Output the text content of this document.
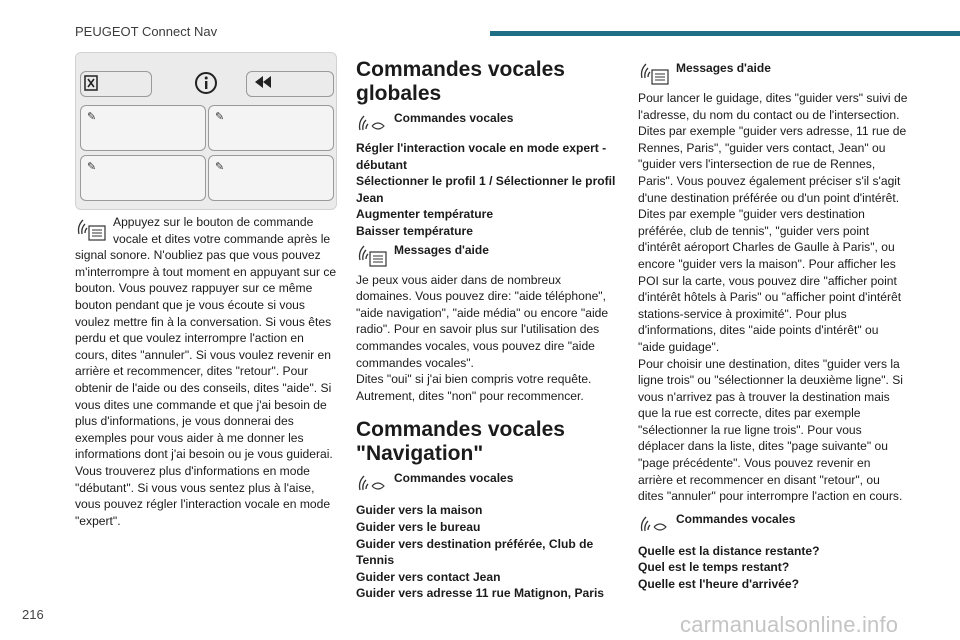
PEUGEOT Connect Nav
✎	✎
✎	✎

Appuyez sur le bouton de commande vocale et dites votre commande après le signal sonore. N'oubliez pas que vous pouvez m'interrompre à tout moment en appuyant sur ce bouton. Vous pouvez rappuyer sur ce même bouton pendant que je vous écoute si vous voulez mettre fin à la conversation. Si vous êtes perdu et que voulez interrompre l'action en cours, dites "annuler". Si vous voulez revenir en arrière et recommencer, dites "retour". Pour obtenir de l'aide ou des conseils, dites "aide". Si vous dites une commande et que j'ai besoin de plus d'informations, je vous donnerai des exemples pour vous aider à me donner les informations dont j'ai besoin ou je vous guiderai. Vous trouverez plus d'informations en mode "débutant". Si vous vous sentez plus à l'aise, vous pouvez régler l'interaction vocale en mode "expert".

Commandes vocales globales
Commandes vocales
Régler l'interaction vocale en mode expert - débutant
Sélectionner le profil 1 / Sélectionner le profil Jean
Augmenter température
Baisser température
Messages d'aide

Je peux vous aider dans de nombreux domaines. Vous pouvez dire: "aide téléphone", "aide navigation", "aide média" ou encore "aide radio". Pour en savoir plus sur l'utilisation des commandes vocales, vous pouvez dire "aide commandes vocales".

Dites "oui" si j'ai bien compris votre requête. Autrement, dites "non" pour recommencer.

Commandes vocales "Navigation"
Commandes vocales
Guider vers la maison
Guider vers le bureau
Guider vers destination préférée, Club de Tennis
Guider vers contact Jean
Guider vers adresse 11 rue Matignon, Paris
Messages d'aide

Pour lancer le guidage, dites "guider vers" suivi de l'adresse, du nom du contact ou de l'intersection. Dites par exemple "guider vers adresse, 11 rue de Rennes, Paris", "guider vers contact, Jean" ou "guider vers l'intersection de rue de Rennes, Paris". Vous pouvez également préciser s'il s'agit d'une destination préférée ou d'un point d'intérêt. Dites par exemple "guider vers destination préférée, club de tennis", "guider vers point d'intérêt aéroport Charles de Gaulle à Paris", ou encore "guider vers la maison". Pour afficher les POI sur la carte, vous pouvez dire "afficher point d'intérêt hôtels à Paris" ou "afficher point d'intérêt stations-service à proximité". Pour plus d'informations, dites "aide points d'intérêt" ou "aide guidage".

Pour choisir une destination, dites "guider vers la ligne trois" ou "sélectionner la deuxième ligne". Si vous n'arrivez pas à trouver la destination mais que la rue est correcte, dites par exemple "sélectionner la rue ligne trois". Pour vous déplacer dans la liste, dites "page suivante" ou "page précédente". Vous pouvez revenir en arrière et recommencer en disant "retour", ou dites "annuler" pour interrompre l'action en cours.

Commandes vocales
Quelle est la distance restante?
Quel est le temps restant?
Quelle est l'heure d'arrivée?
216	carmanualsonline.info
